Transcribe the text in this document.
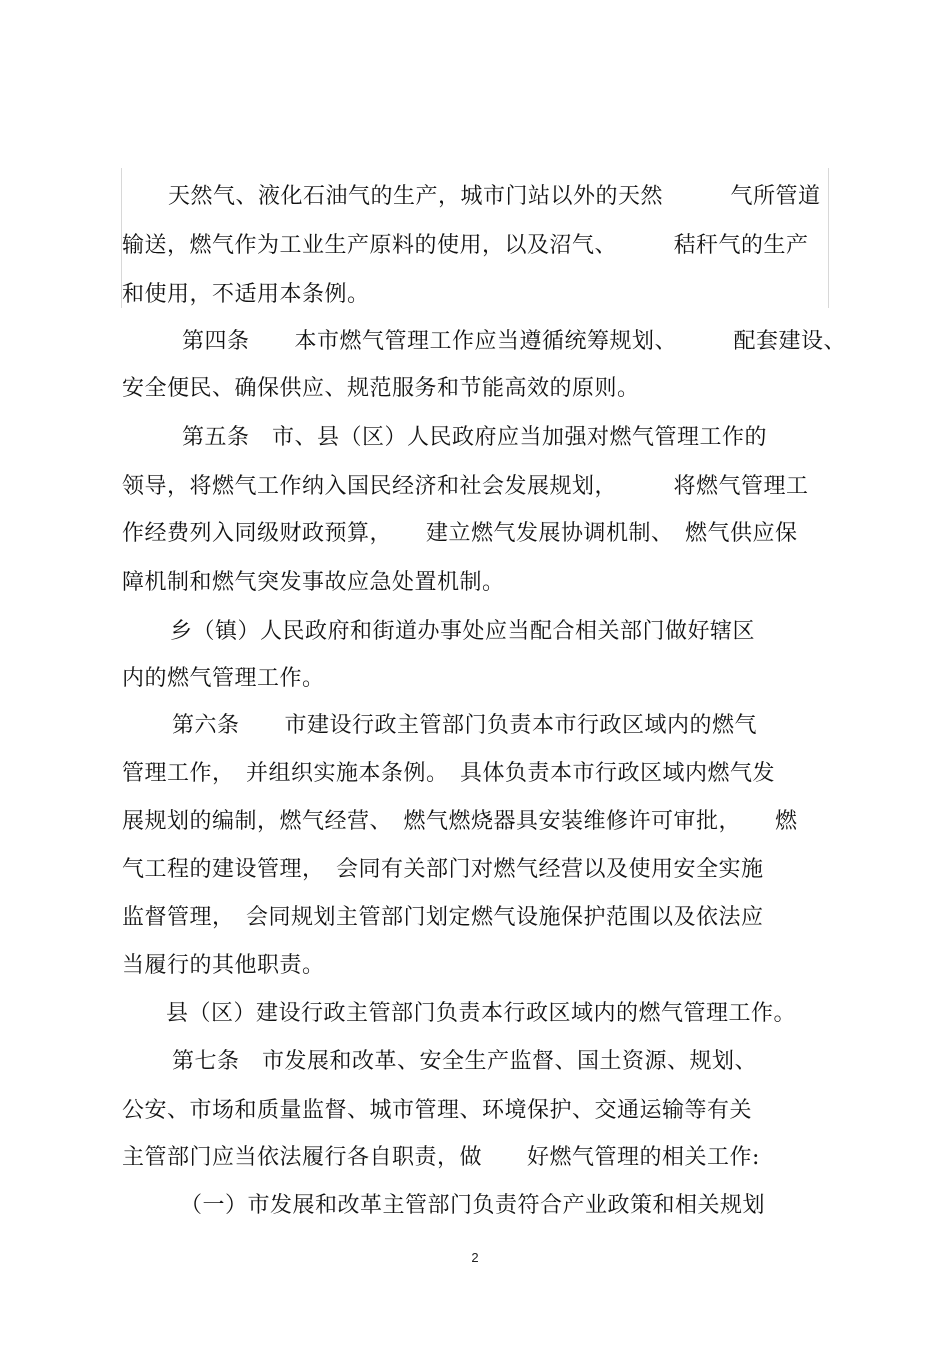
天然气、液化石油气的生产，城市门站以外的天然　　　气所管道
输送，燃气作为工业生产原料的使用，以及沼气、　　　秸秆气的生产
和使用，不适用本条例。
第四条　　本市燃气管理工作应当遵循统筹规划、　　　配套建设、
安全便民、确保供应、规范服务和节能高效的原则。
第五条　市、县（区）人民政府应当加强对燃气管理工作的
领导，将燃气工作纳入国民经济和社会发展规划，　　　将燃气管理工
作经费列入同级财政预算，　　建立燃气发展协调机制、　燃气供应保
障机制和燃气突发事故应急处置机制。
乡（镇）人民政府和街道办事处应当配合相关部门做好辖区
内的燃气管理工作。
第六条　　市建设行政主管部门负责本市行政区域内的燃气
管理工作，　并组织实施本条例。　具体负责本市行政区域内燃气发
展规划的编制，燃气经营、　燃气燃烧器具安装维修许可审批，　　燃
气工程的建设管理，　会同有关部门对燃气经营以及使用安全实施
监督管理，　会同规划主管部门划定燃气设施保护范围以及依法应
当履行的其他职责。
县（区）建设行政主管部门负责本行政区域内的燃气管理工作。
第七条　市发展和改革、安全生产监督、国土资源、规划、
公安、市场和质量监督、城市管理、环境保护、交通运输等有关
主管部门应当依法履行各自职责，做　　好燃气管理的相关工作:
（一）市发展和改革主管部门负责符合产业政策和相关规划
2
